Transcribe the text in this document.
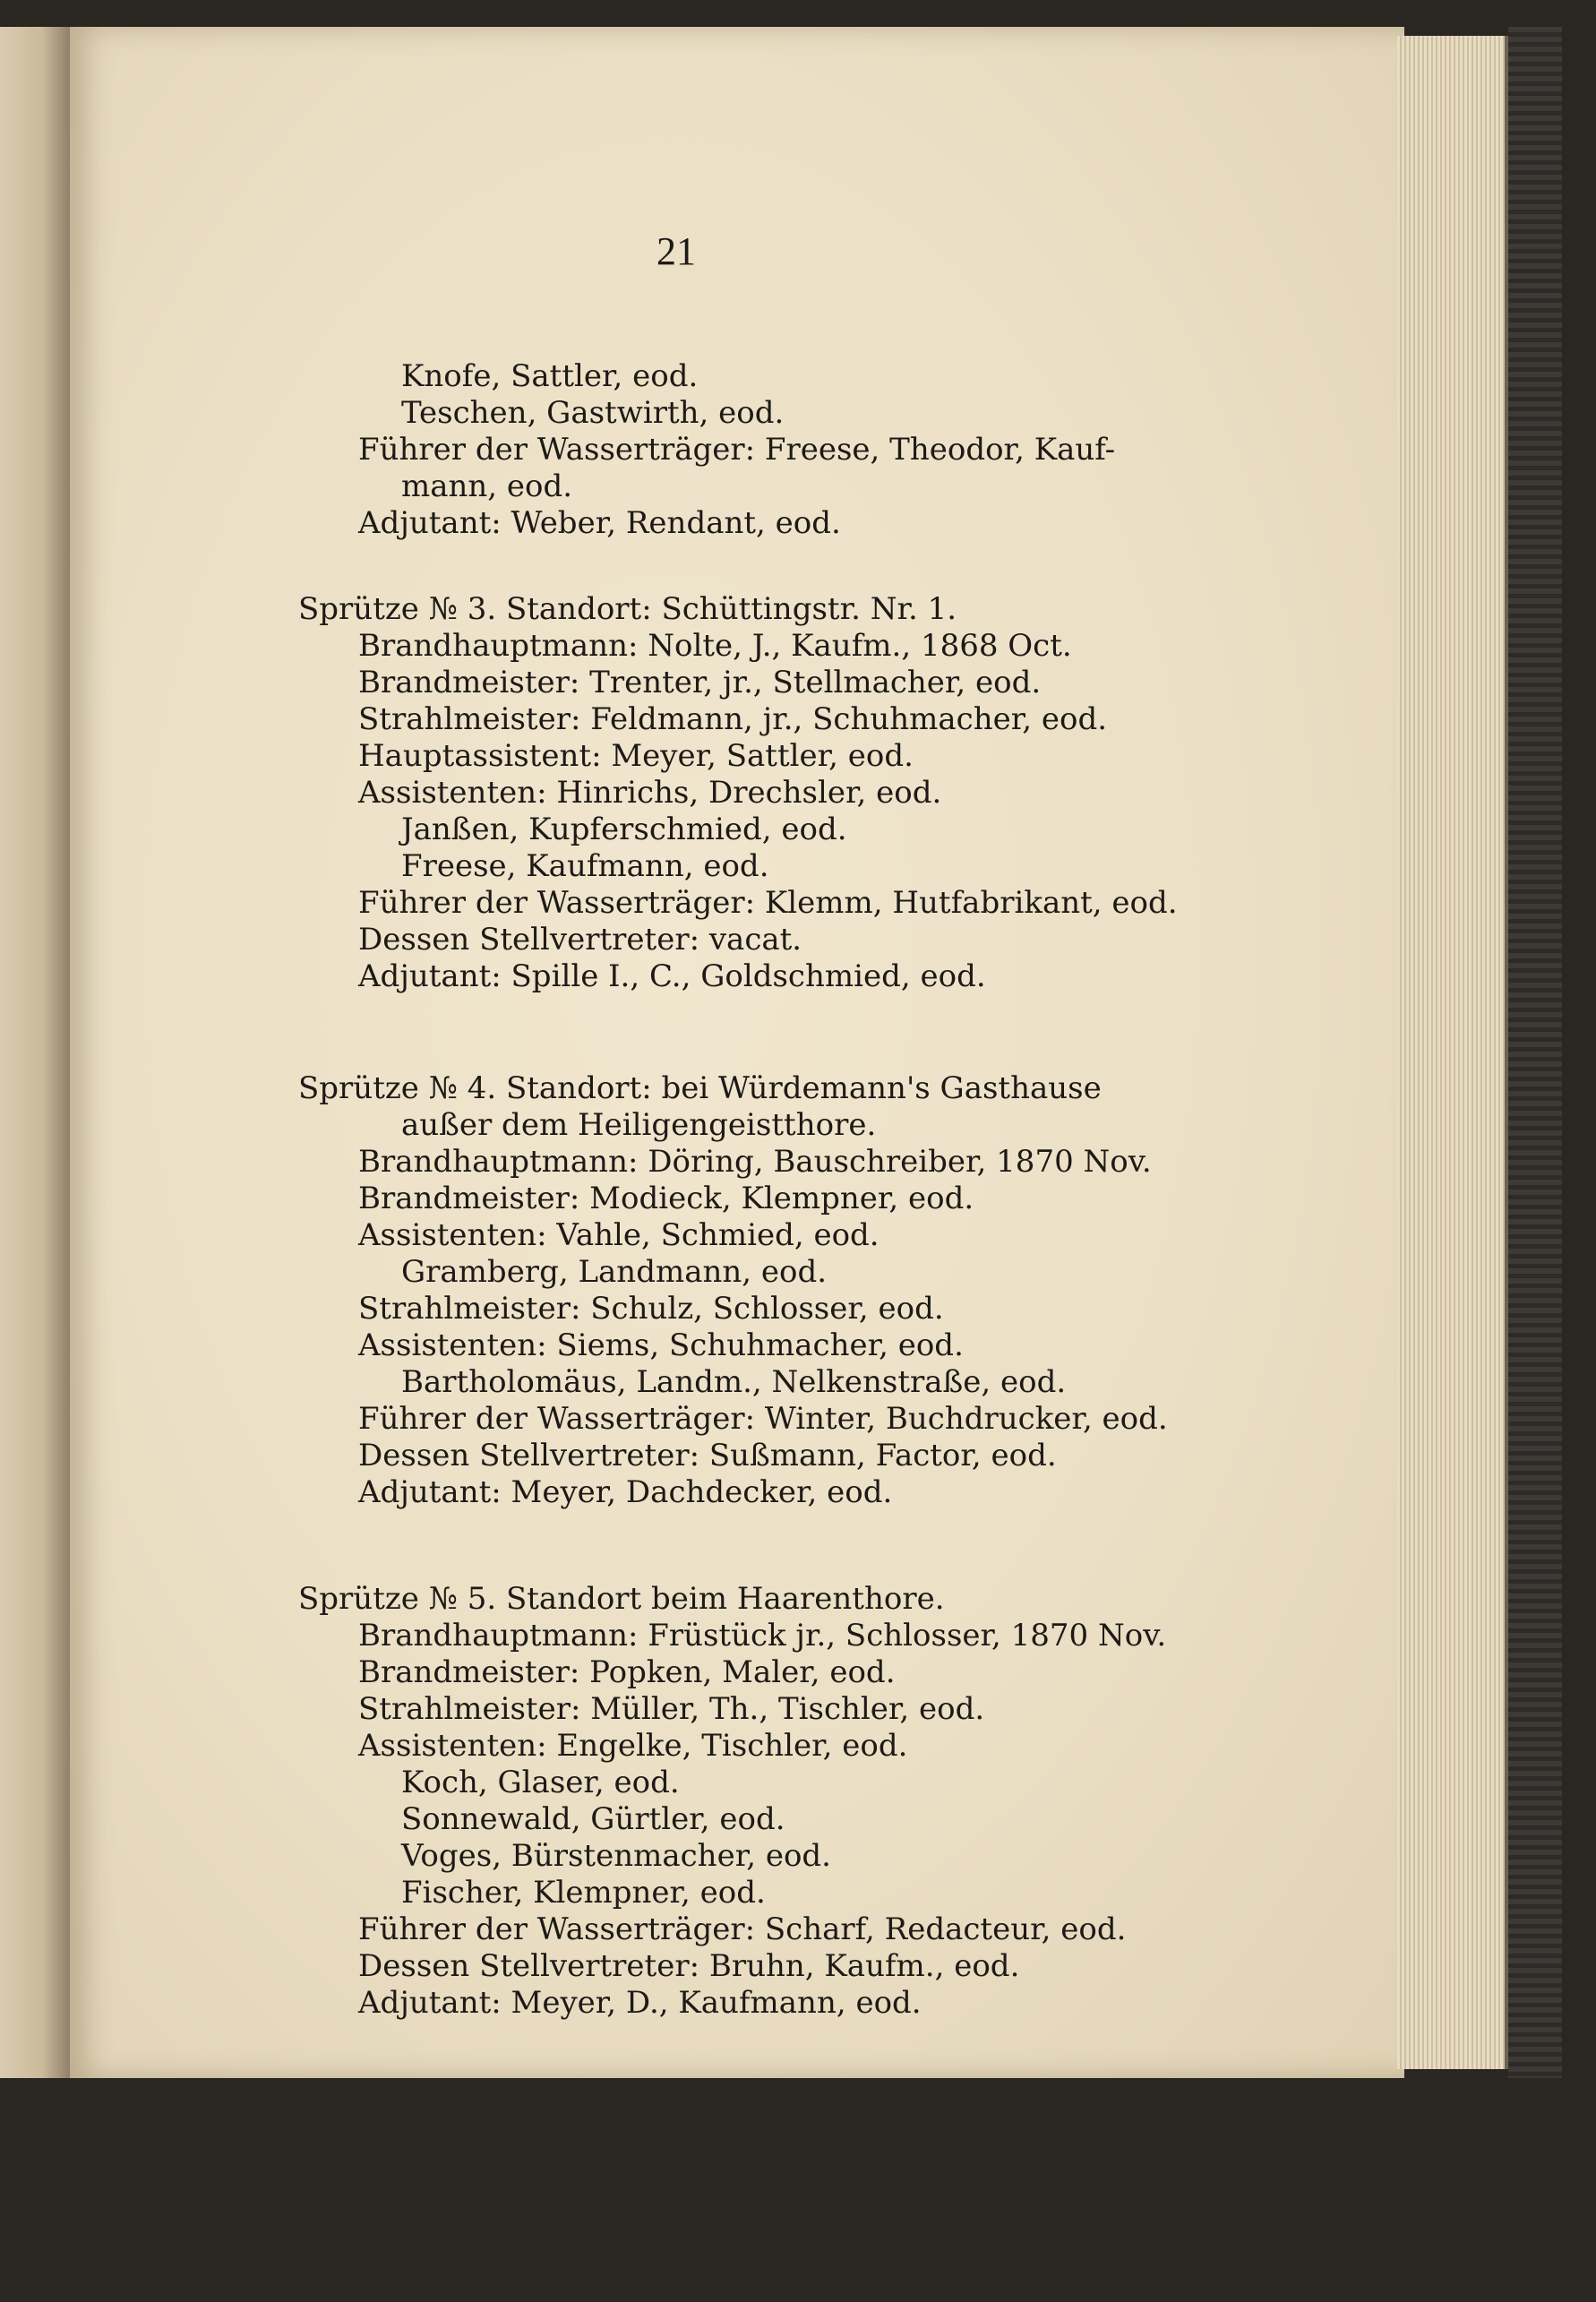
21
Knofe, Sattler, eod.
Teschen, Gastwirth, eod.
Führer der Wasserträger: Freese, Theodor, Kauf-
mann, eod.
Adjutant: Weber, Rendant, eod.
Sprütze № 3. Standort: Schüttingstr. Nr. 1.
Brandhauptmann: Nolte, J., Kaufm., 1868 Oct.
Brandmeister: Trenter, jr., Stellmacher, eod.
Strahlmeister: Feldmann, jr., Schuhmacher, eod.
Hauptassistent: Meyer, Sattler, eod.
Assistenten: Hinrichs, Drechsler, eod.
Janßen, Kupferschmied, eod.
Freese, Kaufmann, eod.
Führer der Wasserträger: Klemm, Hutfabrikant, eod.
Dessen Stellvertreter: vacat.
Adjutant: Spille I., C., Goldschmied, eod.
Sprütze № 4. Standort: bei Würdemann's Gasthause
außer dem Heiligengeistthore.
Brandhauptmann: Döring, Bauschreiber, 1870 Nov.
Brandmeister: Modieck, Klempner, eod.
Assistenten: Vahle, Schmied, eod.
Gramberg, Landmann, eod.
Strahlmeister: Schulz, Schlosser, eod.
Assistenten: Siems, Schuhmacher, eod.
Bartholomäus, Landm., Nelkenstraße, eod.
Führer der Wasserträger: Winter, Buchdrucker, eod.
Dessen Stellvertreter: Sußmann, Factor, eod.
Adjutant: Meyer, Dachdecker, eod.
Sprütze № 5. Standort beim Haarenthore.
Brandhauptmann: Früstück jr., Schlosser, 1870 Nov.
Brandmeister: Popken, Maler, eod.
Strahlmeister: Müller, Th., Tischler, eod.
Assistenten: Engelke, Tischler, eod.
Koch, Glaser, eod.
Sonnewald, Gürtler, eod.
Voges, Bürstenmacher, eod.
Fischer, Klempner, eod.
Führer der Wasserträger: Scharf, Redacteur, eod.
Dessen Stellvertreter: Bruhn, Kaufm., eod.
Adjutant: Meyer, D., Kaufmann, eod.
